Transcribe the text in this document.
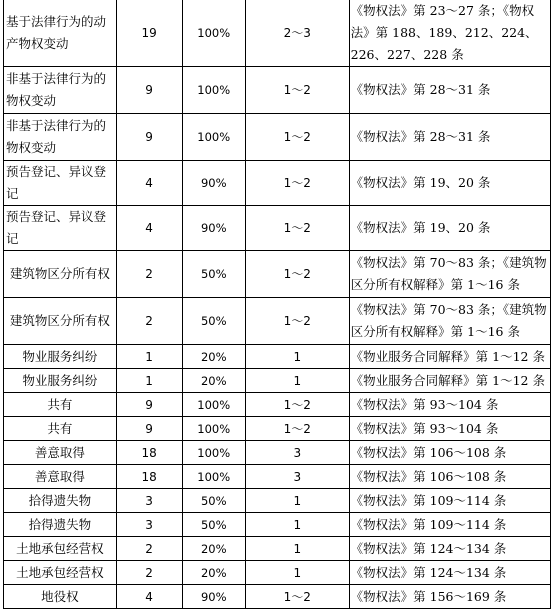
基于法律行为的动产物权变动	19	100%	2～3	《物权法》第 23～27 条；《物权法》第 188、189、212、224、226、227、228 条
非基于法律行为的物权变动	9	100%	1～2	《物权法》第 28～31 条
非基于法律行为的物权变动	9	100%	1～2	《物权法》第 28～31 条
预告登记、异议登记	4	90%	1～2	《物权法》第 19、20 条
预告登记、异议登记	4	90%	1～2	《物权法》第 19、20 条
建筑物区分所有权	2	50%	1～2	《物权法》第 70～83 条；《建筑物区分所有权解释》第 1～16 条
建筑物区分所有权	2	50%	1～2	《物权法》第 70～83 条；《建筑物区分所有权解释》第 1～16 条
物业服务纠纷	1	20%	1	《物业服务合同解释》第 1～12 条
物业服务纠纷	1	20%	1	《物业服务合同解释》第 1～12 条
共有	9	100%	1～2	《物权法》第 93～104 条
共有	9	100%	1～2	《物权法》第 93～104 条
善意取得	18	100%	3	《物权法》第 106～108 条
善意取得	18	100%	3	《物权法》第 106～108 条
拾得遗失物	3	50%	1	《物权法》第 109～114 条
拾得遗失物	3	50%	1	《物权法》第 109～114 条
土地承包经营权	2	20%	1	《物权法》第 124～134 条
土地承包经营权	2	20%	1	《物权法》第 124～134 条
地役权	4	90%	1～2	《物权法》第 156～169 条
